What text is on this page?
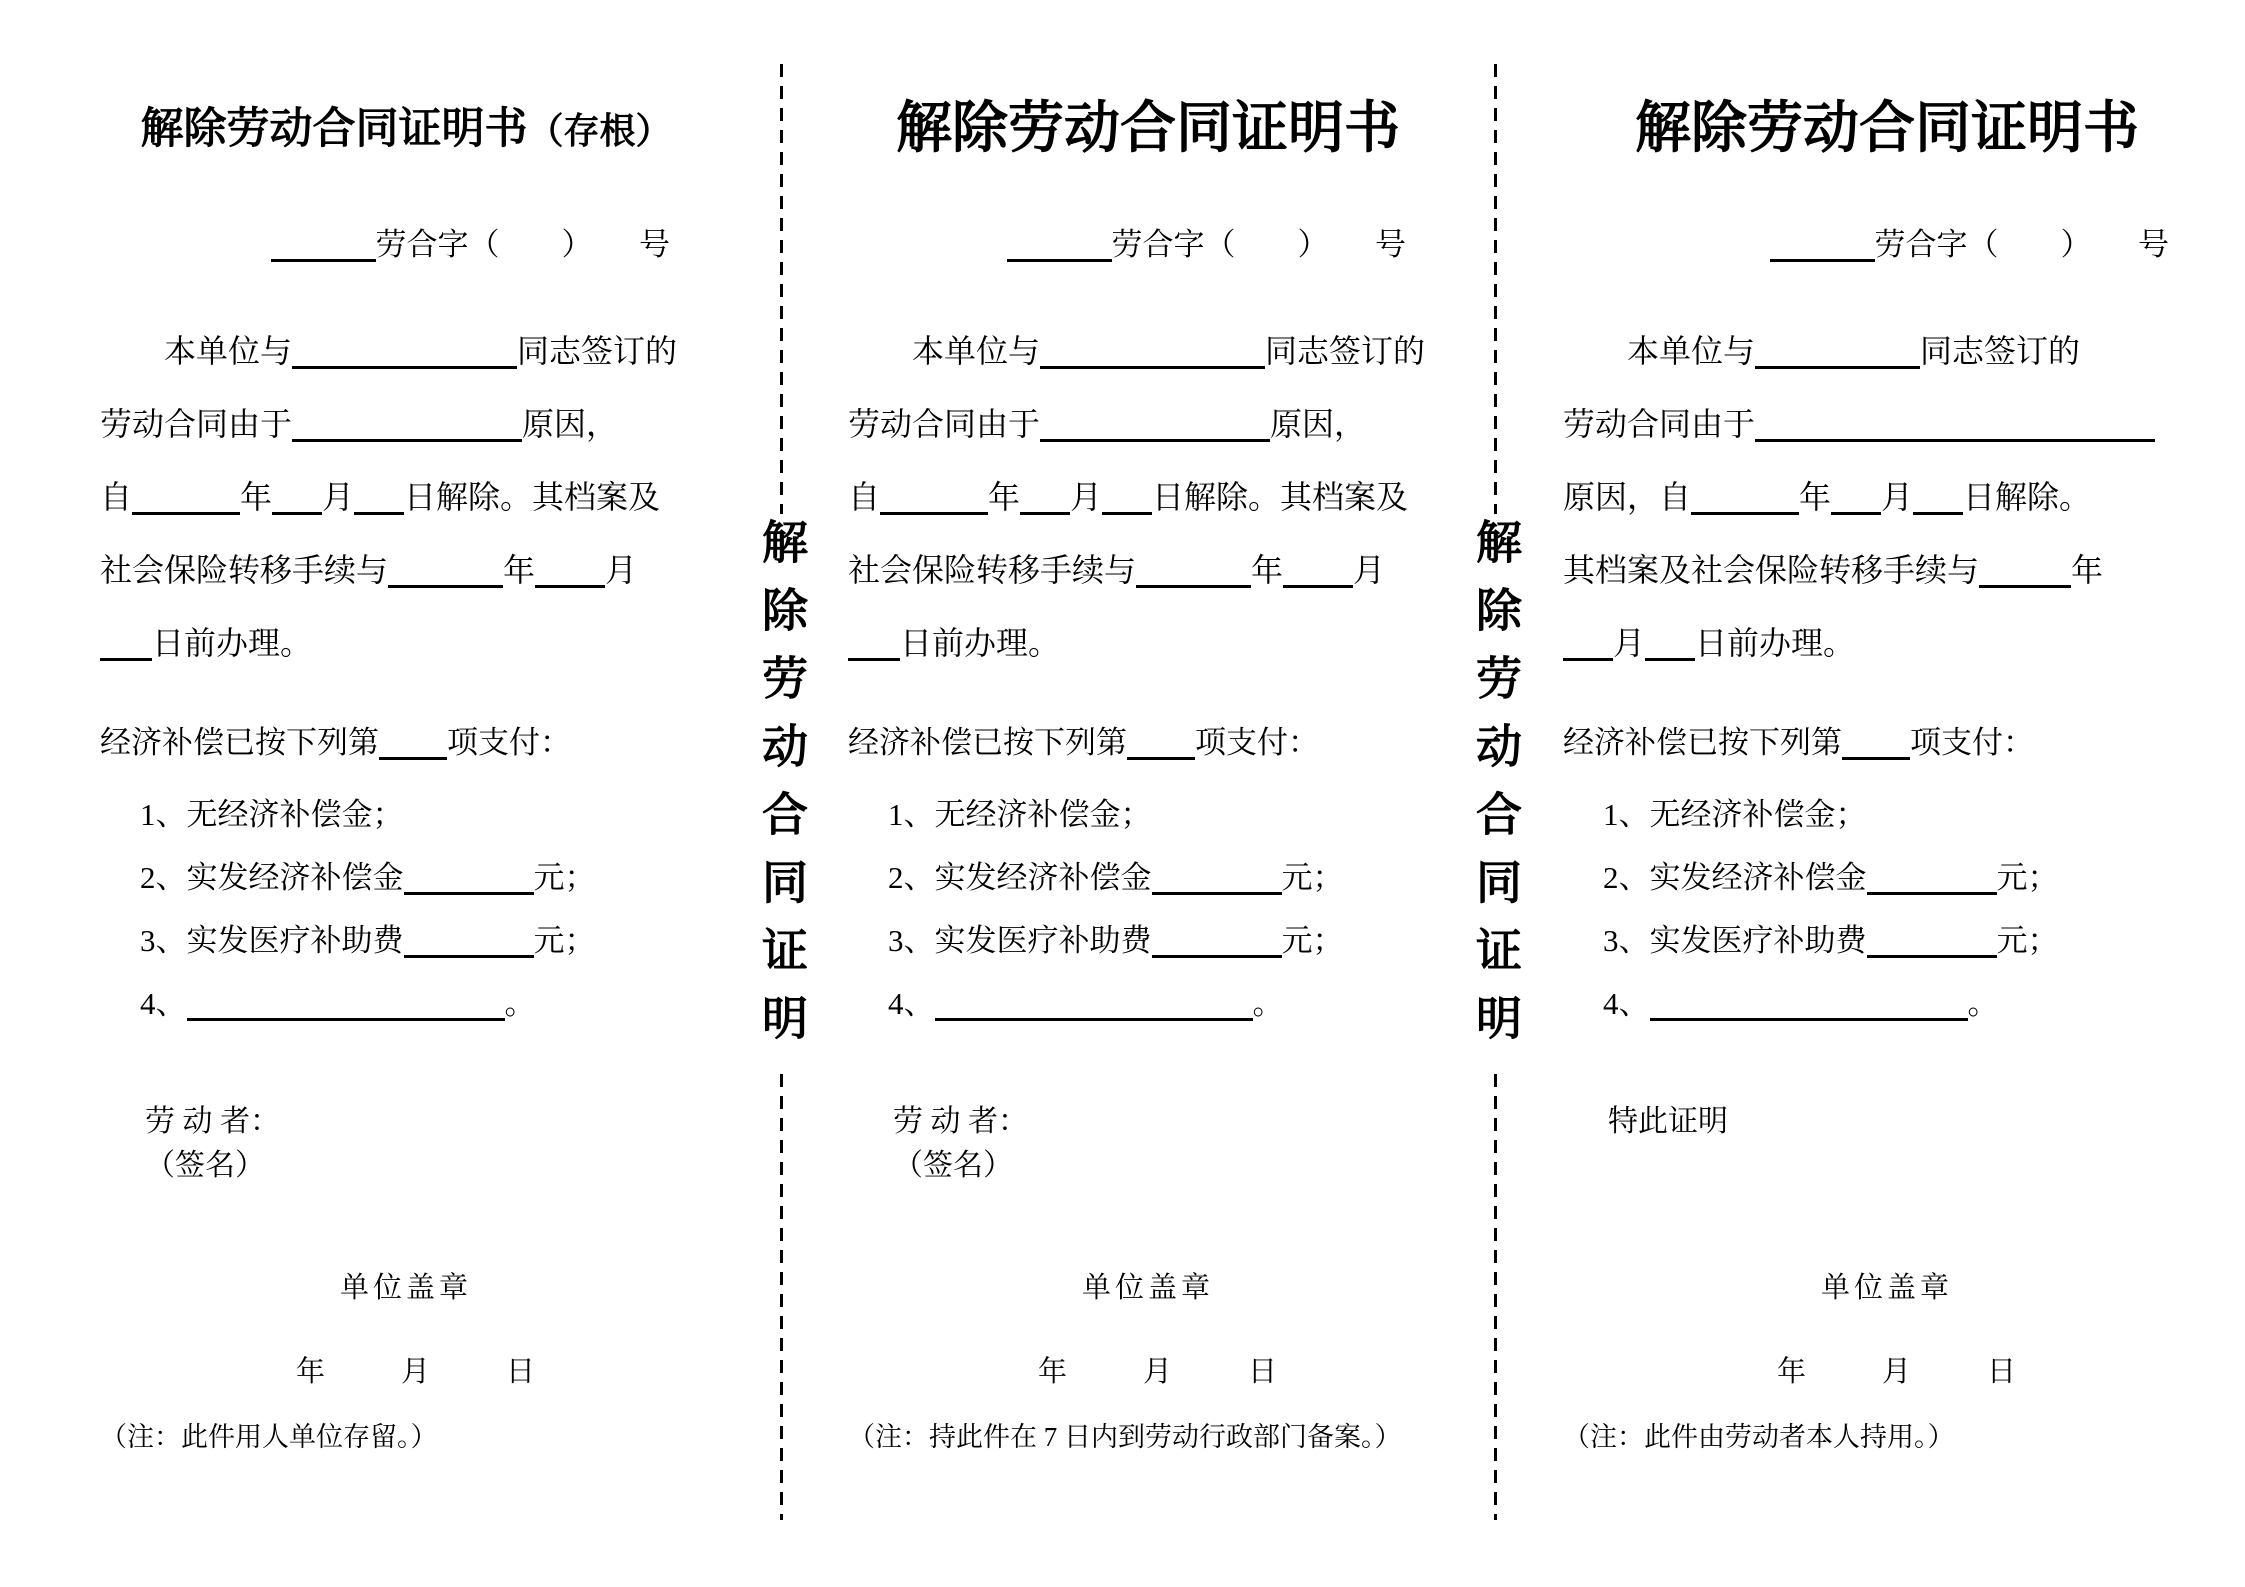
解除劳动合同证明书（存根）
劳合字（　　）　　号
　　本单位与	同志签订的
劳动合同由于	原因，
自	年 月 日解除。其档案及
社会保险转移手续与	年 月
日前办理。
经济补偿已按下列第 项支付：
1、无经济补偿金；
2、实发经济补偿金	元；
3、实发医疗补助费	元；
4、	。
劳 动 者：
（签名）
单位盖章
年　　月　　日
（注：此件用人单位存留。）
解除劳动合同证明
解除劳动合同证明书
劳合字（　　）　　号
　　本单位与	同志签订的
劳动合同由于	原因，
自	年 月 日解除。其档案及
社会保险转移手续与	年 月
日前办理。
经济补偿已按下列第 项支付：
1、无经济补偿金；
2、实发经济补偿金	元；
3、实发医疗补助费	元；
4、	。
劳 动 者：
（签名）
单位盖章
年　　月　　日
（注：持此件在 7 日内到劳动行政部门备案。）
解除劳动合同证明
解除劳动合同证明书
劳合字（　　）　　号
　　本单位与	同志签订的
劳动合同由于
原因，自	年 月 日解除。
其档案及社会保险转移手续与	年
月 日前办理。
经济补偿已按下列第 项支付：
1、无经济补偿金；
2、实发经济补偿金	元；
3、实发医疗补助费	元；
4、	。
特此证明
单位盖章
年　　月　　日
（注：此件由劳动者本人持用。）
